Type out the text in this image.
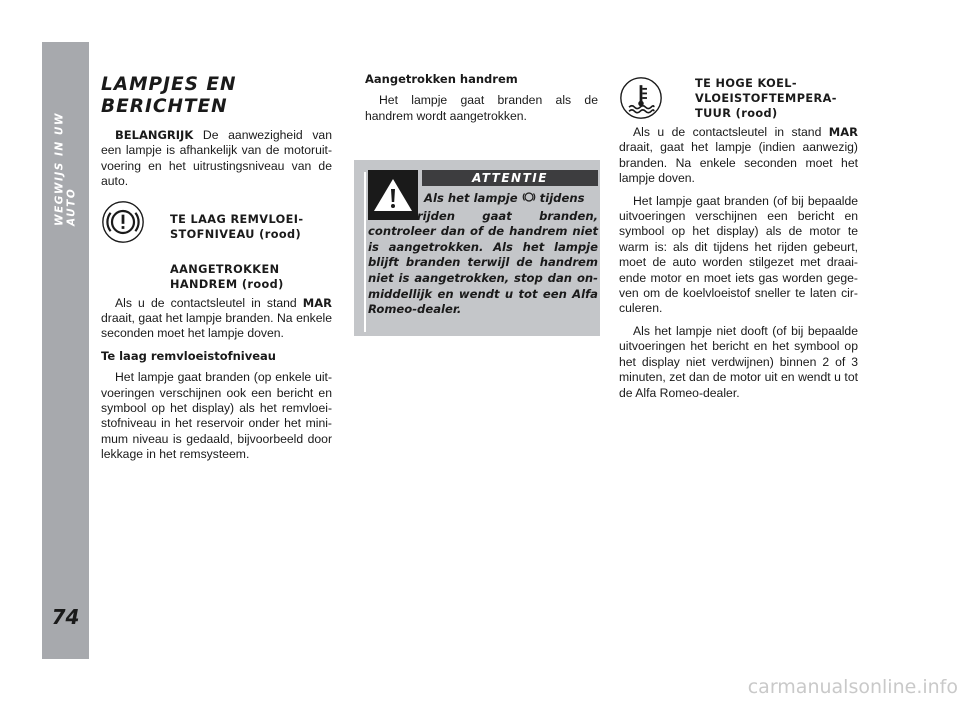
WEGWIJS IN UW AUTO
74
LAMPJES EN
BERICHTEN

BELANGRIJK De aanwezigheid van een lampje is afhankelijk van de motoruit-voering en het uitrustingsniveau van de auto.

TE LAAG REMVLOEI-
STOFNIVEAU (rood)
AANGETROKKEN
HANDREM (rood)

Als u de contactsleutel in stand MAR draait, gaat het lampje branden. Na enkele seconden moet het lampje doven.

Te laag remvloeistofniveau

Het lampje gaat branden (op enkele uit-voeringen verschijnen ook een bericht en symbool op het display) als het remvloei-stofniveau in het reservoir onder het mini-mum niveau is gedaald, bijvoorbeeld door lekkage in het remsysteem.

Aangetrokken handrem

Het lampje gaat branden als de handrem wordt aangetrokken.

ATTENTIE
Als het lampje  tijdens
het rijden gaat branden, controleer dan of de handrem niet is aangetrokken. Als het lampje blijft branden terwijl de handrem niet is aangetrokken, stop dan on-middellijk en wendt u tot een Alfa Romeo-dealer.
TE HOGE KOEL-
VLOEISTOFTEMPERA-
TUUR (rood)

Als u de contactsleutel in stand MAR draait, gaat het lampje (indien aanwezig) branden. Na enkele seconden moet het lampje doven.

Het lampje gaat branden (of bij bepaalde uitvoeringen verschijnen een bericht en symbool op het display) als de motor te warm is: als dit tijdens het rijden gebeurt, moet de auto worden stilgezet met draai-ende motor en moet iets gas worden gege-ven om de koelvloeistof sneller te laten cir-culeren.

Als het lampje niet dooft (of bij bepaalde uitvoeringen het bericht en het symbool op het display niet verdwijnen) binnen 2 of 3 minuten, zet dan de motor uit en wendt u tot de Alfa Romeo-dealer.

carmanualsonline.info
